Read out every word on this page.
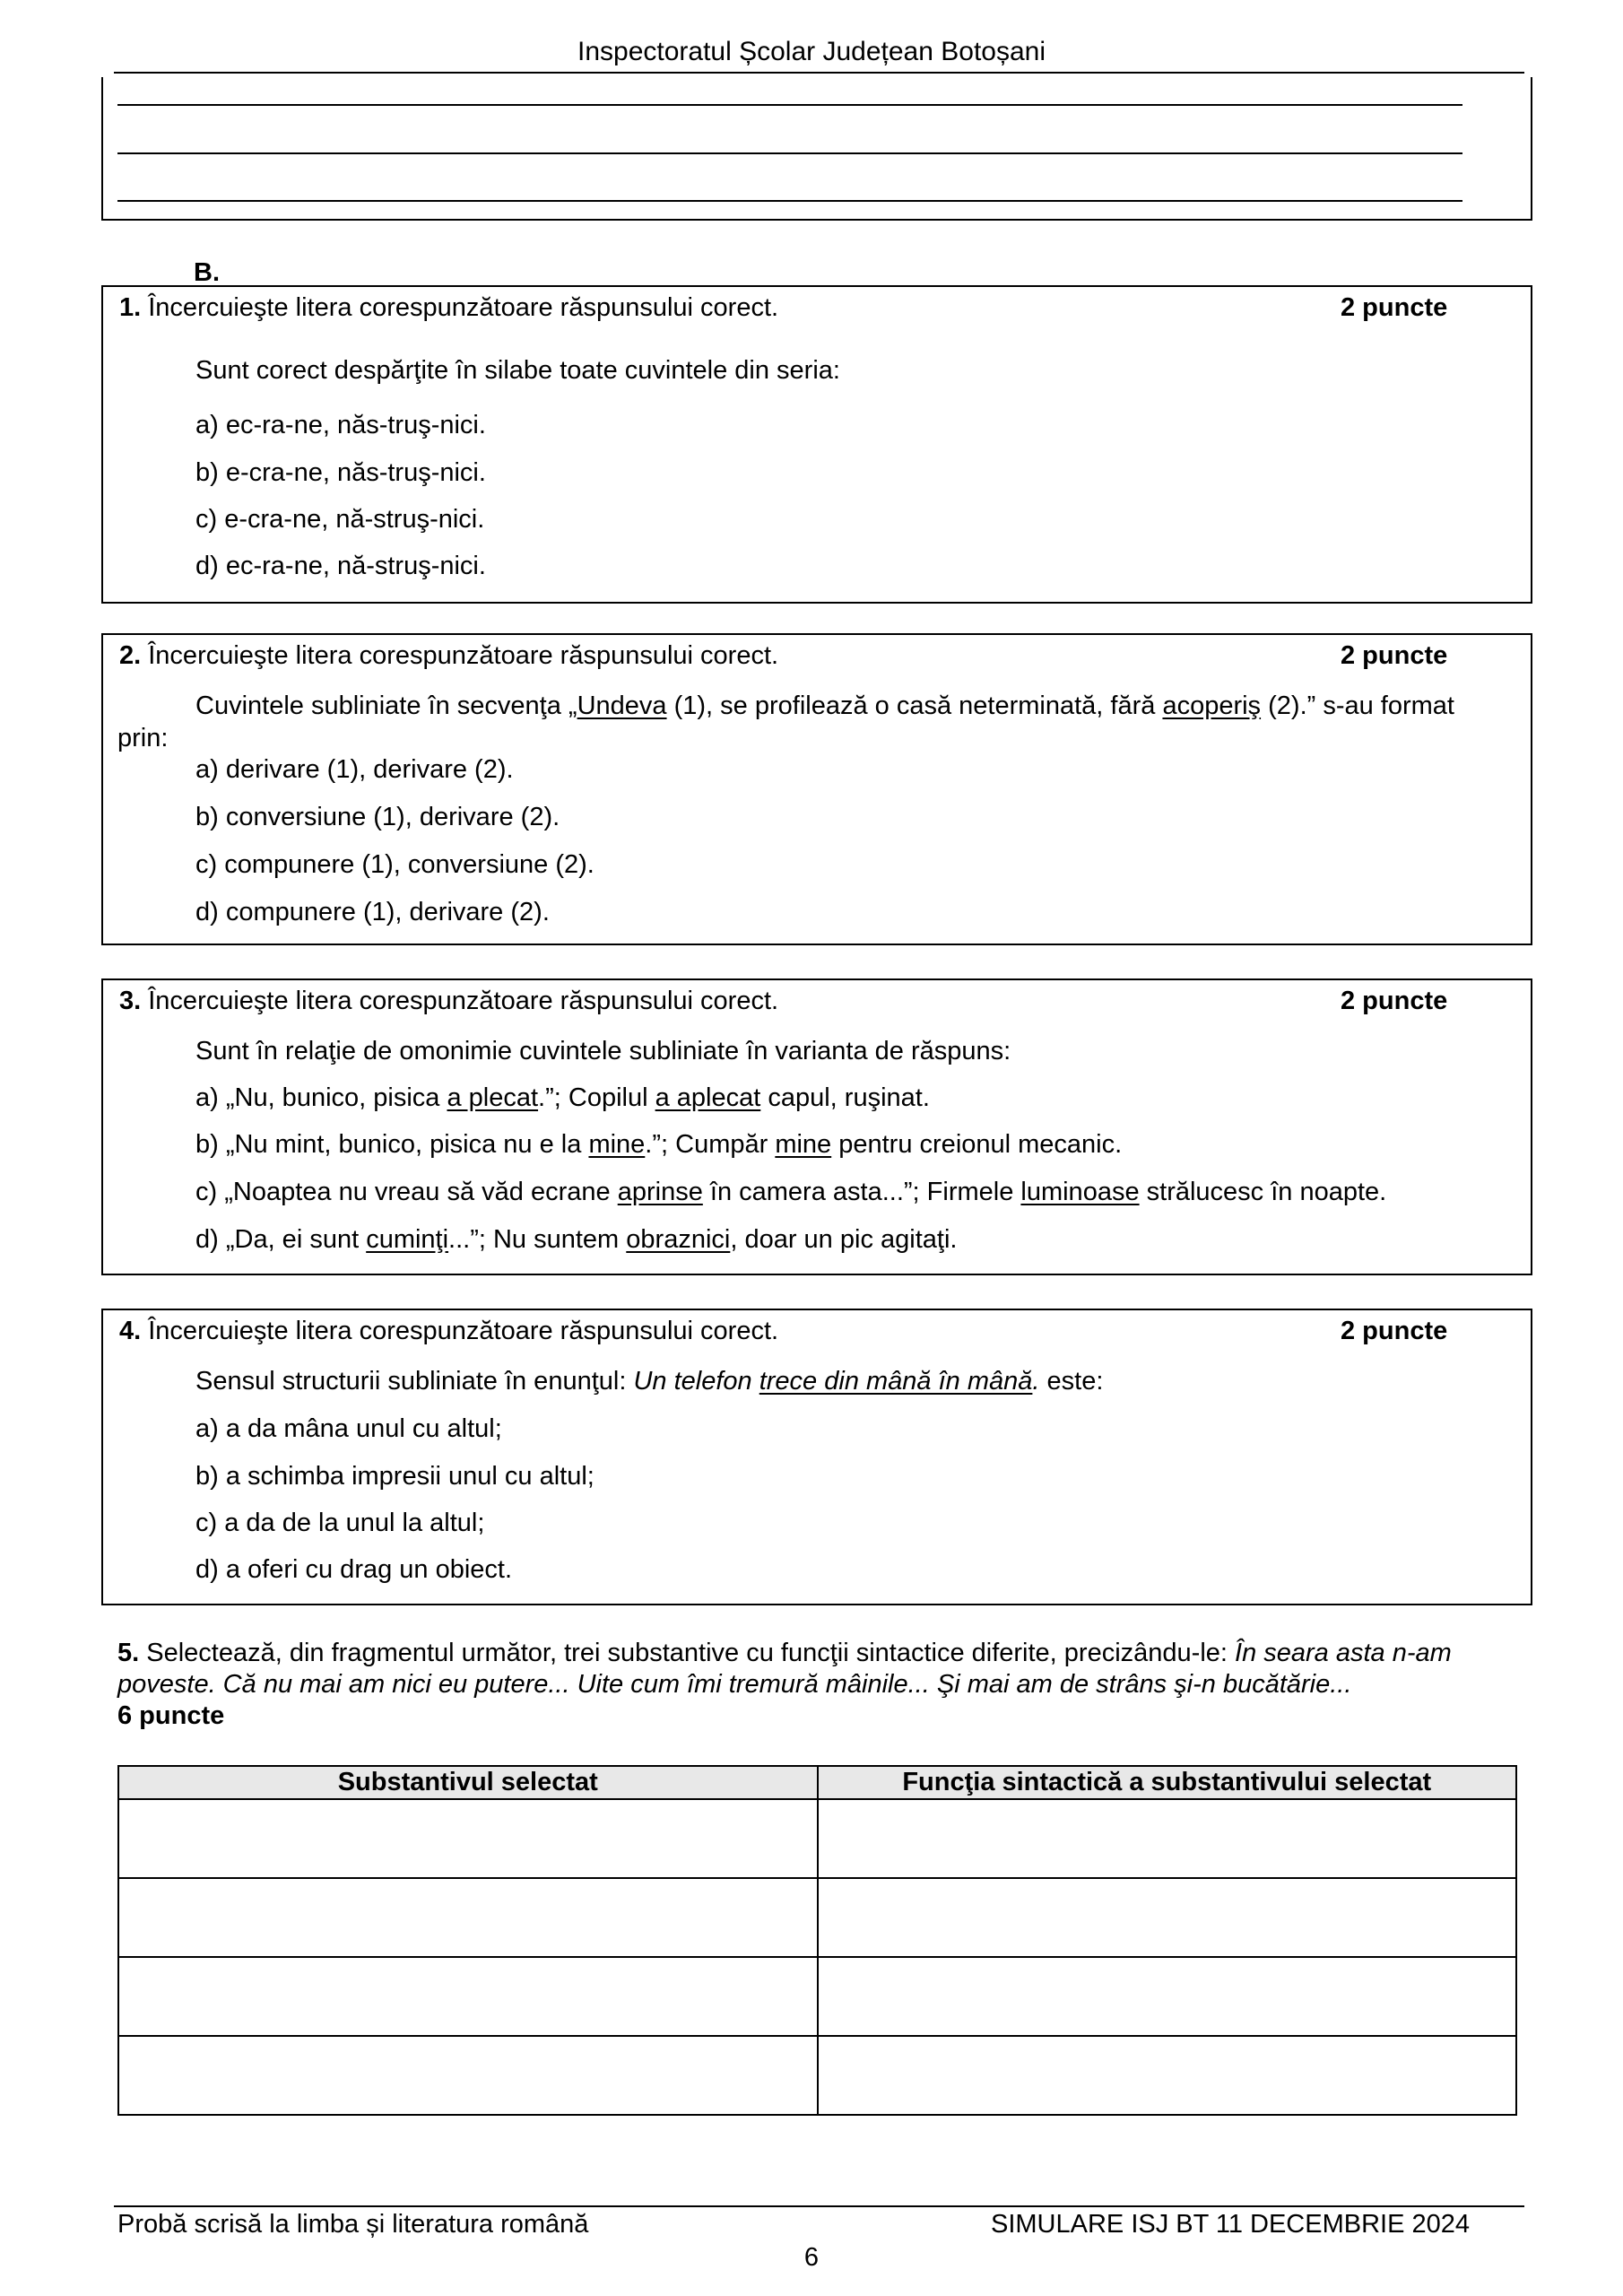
Inspectoratul Școlar Județean Botoșani
B.
1. Încercuieşte litera corespunzătoare răspunsului corect.	2 puncte
Sunt corect despărţite în silabe toate cuvintele din seria:
a) ec-ra-ne, năs-truş-nici.
b) e-cra-ne, năs-truş-nici.
c) e-cra-ne, nă-struş-nici.
d) ec-ra-ne, nă-struş-nici.
2. Încercuieşte litera corespunzătoare răspunsului corect.	2 puncte
Cuvintele subliniate în secvenţa „Undeva (1), se profilează o casă neterminată, fără acoperiş (2).” s-au format
prin:
a) derivare (1), derivare (2).
b) conversiune (1), derivare (2).
c) compunere (1), conversiune (2).
d) compunere (1), derivare (2).
3. Încercuieşte litera corespunzătoare răspunsului corect.	2 puncte
Sunt în relaţie de omonimie cuvintele subliniate în varianta de răspuns:
a) „Nu, bunico, pisica a plecat.”; Copilul a aplecat capul, ruşinat.
b) „Nu mint, bunico, pisica nu e la mine.”; Cumpăr mine pentru creionul mecanic.
c) „Noaptea nu vreau să văd ecrane aprinse în camera asta...”; Firmele luminoase strălucesc în noapte.
d) „Da, ei sunt cuminţi...”; Nu suntem obraznici, doar un pic agitaţi.
4. Încercuieşte litera corespunzătoare răspunsului corect.	2 puncte
Sensul structurii subliniate în enunţul: Un telefon trece din mână în mână. este:
a) a da mâna unul cu altul;
b) a schimba impresii unul cu altul;
c) a da de la unul la altul;
d) a oferi cu drag un obiect.

5. Selectează, din fragmentul următor, trei substantive cu funcţii sintactice diferite, precizându-le: În seara asta n-am poveste. Că nu mai am nici eu putere... Uite cum îmi tremură mâinile... Şi mai am de strâns şi-n bucătărie...

6 puncte

Substantivul selectat	Funcţia sintactică a substantivului selectat

Probă scrisă la limba și literatura română	SIMULARE ISJ BT 11 DECEMBRIE 2024
6
